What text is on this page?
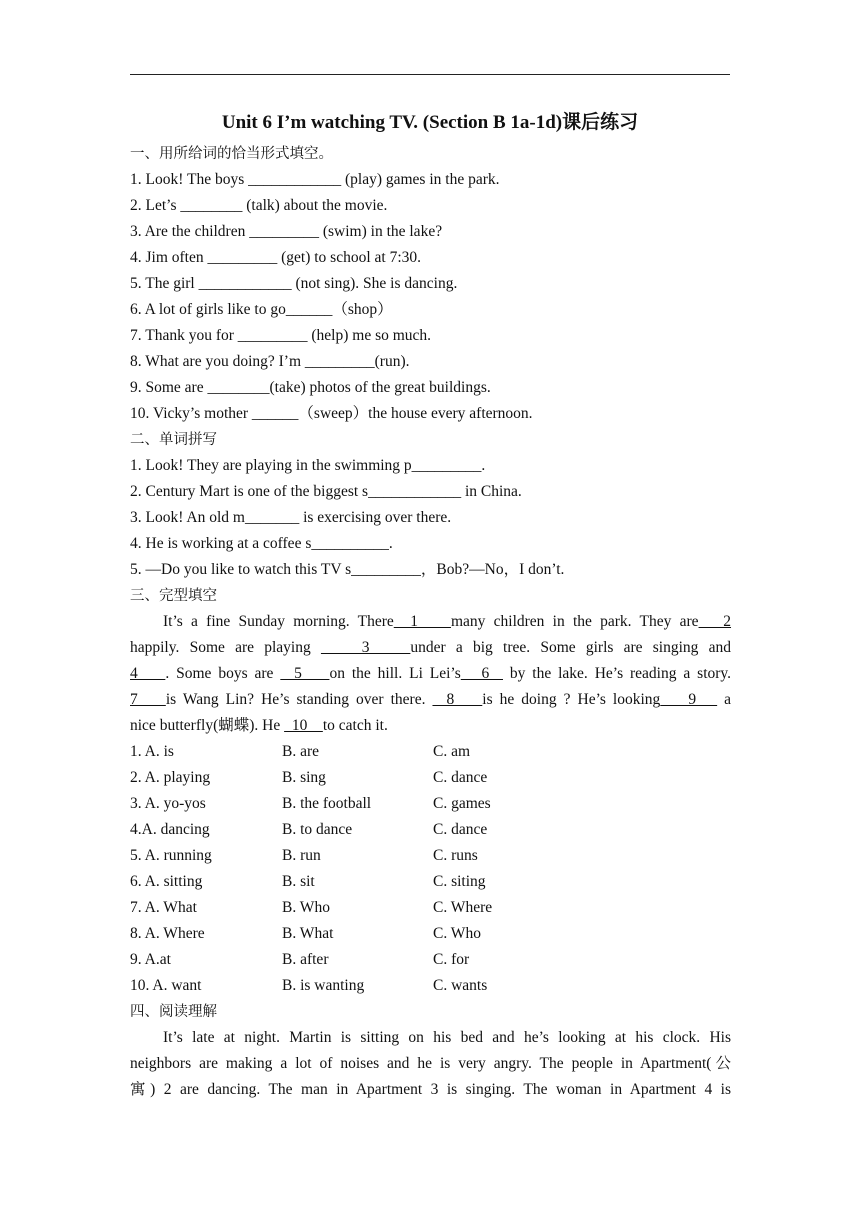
Unit 6 I’m watching TV. (Section B 1a-1d)课后练习
一、用所给词的恰当形式填空。
1. Look! The boys ____________ (play) games in the park.
2. Let’s ________ (talk) about the movie.
3. Are the children _________ (swim) in the lake?
4. Jim often _________ (get) to school at 7:30.
5. The girl ____________ (not sing). She is dancing.
6. A lot of girls like to go______（shop）
7. Thank you for _________ (help) me so much.
8. What are you doing? I’m _________(run).
9. Some are ________(take) photos of the great buildings.
10. Vicky’s mother ______（sweep）the house every afternoon.
二、单词拼写
1. Look! They are playing in the swimming p_________.
2. Century Mart is one of the biggest s____________ in China.
3. Look! An old m_______ is exercising over there.
4. He is working at a coffee s__________.
5. —Do you like to watch this TV s_________，Bob?—No，I don’t.
三、完型填空
It’s a fine Sunday morning. There  1    many children in the park. They are   2
happily. Some are playing     3    under a big tree. Some girls are singing and
4    . Some boys are   5    on the hill. Li Lei’s   6   by the lake. He’s reading a story.
7    is Wang Lin? He’s standing over there.   8    is he doing ? He’s looking    9    a
nice butterfly(蝴蝶). He   10    to catch it.
1. A. is	B. are	C. am
2. A. playing	B. sing	C. dance
3. A. yo-yos	B. the football	C. games
4.A. dancing	B. to dance	C. dance
5. A. running	B. run	C. runs
6. A. sitting	B. sit	C. siting
7. A. What	B. Who	C. Where
8. A. Where	B. What	C. Who
9. A.at	B. after	C. for
10. A. want	B. is wanting	C. wants
四、阅读理解
It’s late at night. Martin is sitting on his bed and he’s looking at his clock. His
neighbors are making a lot of noises and he is very angry. The people in Apartment(公
寓) 2 are dancing. The man in Apartment 3 is singing. The woman in Apartment 4 is
